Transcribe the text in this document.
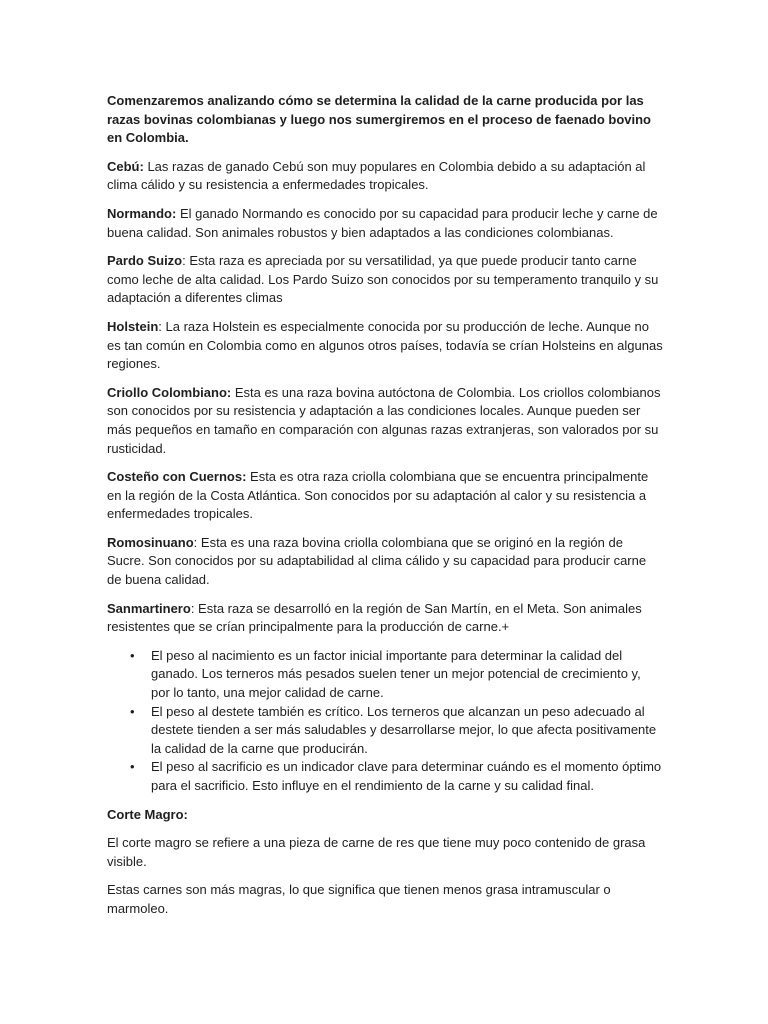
Comenzaremos analizando cómo se determina la calidad de la carne producida por las razas bovinas colombianas y luego nos sumergiremos en el proceso de faenado bovino en Colombia.

Cebú: Las razas de ganado Cebú son muy populares en Colombia debido a su adaptación al clima cálido y su resistencia a enfermedades tropicales.

Normando: El ganado Normando es conocido por su capacidad para producir leche y carne de buena calidad. Son animales robustos y bien adaptados a las condiciones colombianas.

Pardo Suizo: Esta raza es apreciada por su versatilidad, ya que puede producir tanto carne como leche de alta calidad. Los Pardo Suizo son conocidos por su temperamento tranquilo y su adaptación a diferentes climas

Holstein: La raza Holstein es especialmente conocida por su producción de leche. Aunque no es tan común en Colombia como en algunos otros países, todavía se crían Holsteins en algunas regiones.

Criollo Colombiano: Esta es una raza bovina autóctona de Colombia. Los criollos colombianos son conocidos por su resistencia y adaptación a las condiciones locales. Aunque pueden ser más pequeños en tamaño en comparación con algunas razas extranjeras, son valorados por su rusticidad.

Costeño con Cuernos: Esta es otra raza criolla colombiana que se encuentra principalmente en la región de la Costa Atlántica. Son conocidos por su adaptación al calor y su resistencia a enfermedades tropicales.

Romosinuano: Esta es una raza bovina criolla colombiana que se originó en la región de Sucre. Son conocidos por su adaptabilidad al clima cálido y su capacidad para producir carne de buena calidad.

Sanmartinero: Esta raza se desarrolló en la región de San Martín, en el Meta. Son animales resistentes que se crían principalmente para la producción de carne.+

• El peso al nacimiento es un factor inicial importante para determinar la calidad del ganado. Los terneros más pesados suelen tener un mejor potencial de crecimiento y, por lo tanto, una mejor calidad de carne.
• El peso al destete también es crítico. Los terneros que alcanzan un peso adecuado al destete tienden a ser más saludables y desarrollarse mejor, lo que afecta positivamente la calidad de la carne que producirán.
• El peso al sacrificio es un indicador clave para determinar cuándo es el momento óptimo para el sacrificio. Esto influye en el rendimiento de la carne y su calidad final.

Corte Magro:

El corte magro se refiere a una pieza de carne de res que tiene muy poco contenido de grasa visible.

Estas carnes son más magras, lo que significa que tienen menos grasa intramuscular o marmoleo.
